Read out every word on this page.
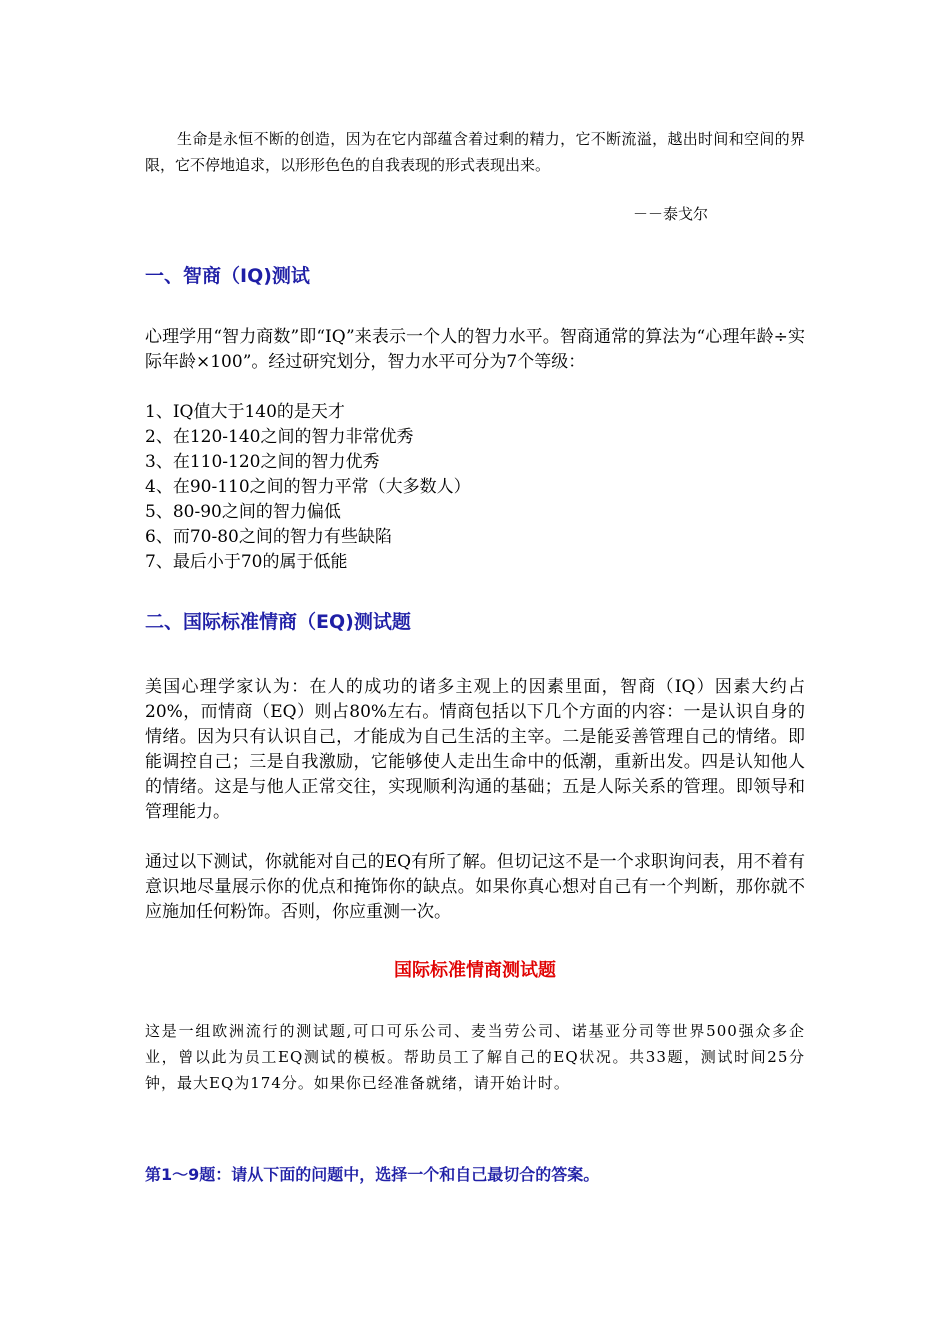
生命是永恒不断的创造，因为在它内部蕴含着过剩的精力，它不断流溢，越出时间和空间的界限，它不停地追求，以形形色色的自我表现的形式表现出来。
－－泰戈尔
一、智商（IQ)测试
心理学用“智力商数”即“IQ”来表示一个人的智力水平。智商通常的算法为“心理年龄÷实际年龄×100”。经过研究划分，智力水平可分为7个等级：
1、IQ值大于140的是天才
2、在120-140之间的智力非常优秀
3、在110-120之间的智力优秀
4、在90-110之间的智力平常（大多数人）
5、80-90之间的智力偏低
6、而70-80之间的智力有些缺陷
7、最后小于70的属于低能
二、国际标准情商（EQ)测试题
美国心理学家认为：在人的成功的诸多主观上的因素里面，智商（IQ）因素大约占20%，而情商（EQ）则占80%左右。情商包括以下几个方面的内容：一是认识自身的情绪。因为只有认识自己，才能成为自己生活的主宰。二是能妥善管理自己的情绪。即能调控自己；三是自我激励，它能够使人走出生命中的低潮，重新出发。四是认知他人的情绪。这是与他人正常交往，实现顺利沟通的基础；五是人际关系的管理。即领导和管理能力。
通过以下测试，你就能对自己的EQ有所了解。但切记这不是一个求职询问表，用不着有意识地尽量展示你的优点和掩饰你的缺点。如果你真心想对自己有一个判断，那你就不应施加任何粉饰。否则，你应重测一次。
国际标准情商测试题
这是一组欧洲流行的测试题,可口可乐公司、麦当劳公司、诺基亚分司等世界500强众多企业，曾以此为员工EQ测试的模板。帮助员工了解自己的EQ状况。共33题，测试时间25分钟，最大EQ为174分。如果你已经准备就绪，请开始计时。
第1～9题：请从下面的问题中，选择一个和自己最切合的答案。
